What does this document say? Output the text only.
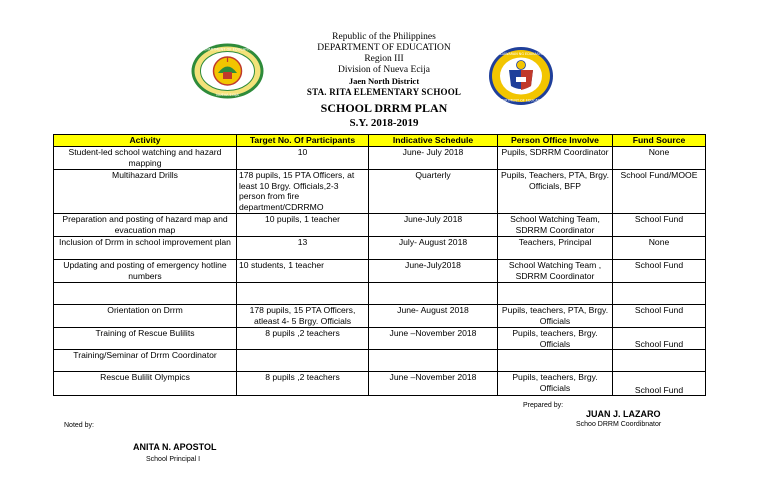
DEPARTMENT OF EDUCATION
NUEVA ECIJA
KAGAWARAN NG EDUKASYON
DEPARTMENT OF EDUCATION
Republic of the Philippines
DEPARTMENT OF EDUCATION
Region III
Division of Nueva Ecija
Jaen North District
STA. RITA ELEMENTARY SCHOOL
SCHOOL DRRM PLAN
S.Y. 2018-2019
Activity	Target No. Of Participants	Indicative Schedule	Person Office Involve	Fund Source
Student-led school watching and hazard mapping	10	June- July 2018	Pupils, SDRRM Coordinator	None
Multihazard Drills	178 pupils, 15 PTA Officers, at least 10 Brgy. Officials,2-3 person from fire department/CDRRMO	Quarterly	Pupils, Teachers, PTA, Brgy. Officials, BFP	School Fund/MOOE
Preparation and posting of hazard map and evacuation map	10 pupils, 1 teacher	June-July 2018	School Watching Team, SDRRM Coordinator	School Fund
Inclusion of Drrm in school improvement plan	13	July- August 2018	Teachers, Principal	None
Updating and posting of emergency hotline numbers	10 students, 1 teacher	June-July2018	School Watching Team , SDRRM Coordinator	School Fund

Orientation on Drrm	178 pupils, 15 PTA Officers, atleast 4- 5 Brgy. Officials	June- August 2018	Pupils, teachers, PTA, Brgy. Officials	School Fund
Training of Rescue Bulilits	8 pupils ,2 teachers	June –November 2018	Pupils, teachers, Brgy. Officials	School Fund
Training/Seminar of Drrm Coordinator				
Rescue Bulilit Olympics	8 pupils ,2 teachers	June –November 2018	Pupils, teachers, Brgy. Officials	School Fund
Prepared by:
JUAN J. LAZARO
Schoo DRRM Coordibnator
Noted by:
ANITA N. APOSTOL
School Principal I
